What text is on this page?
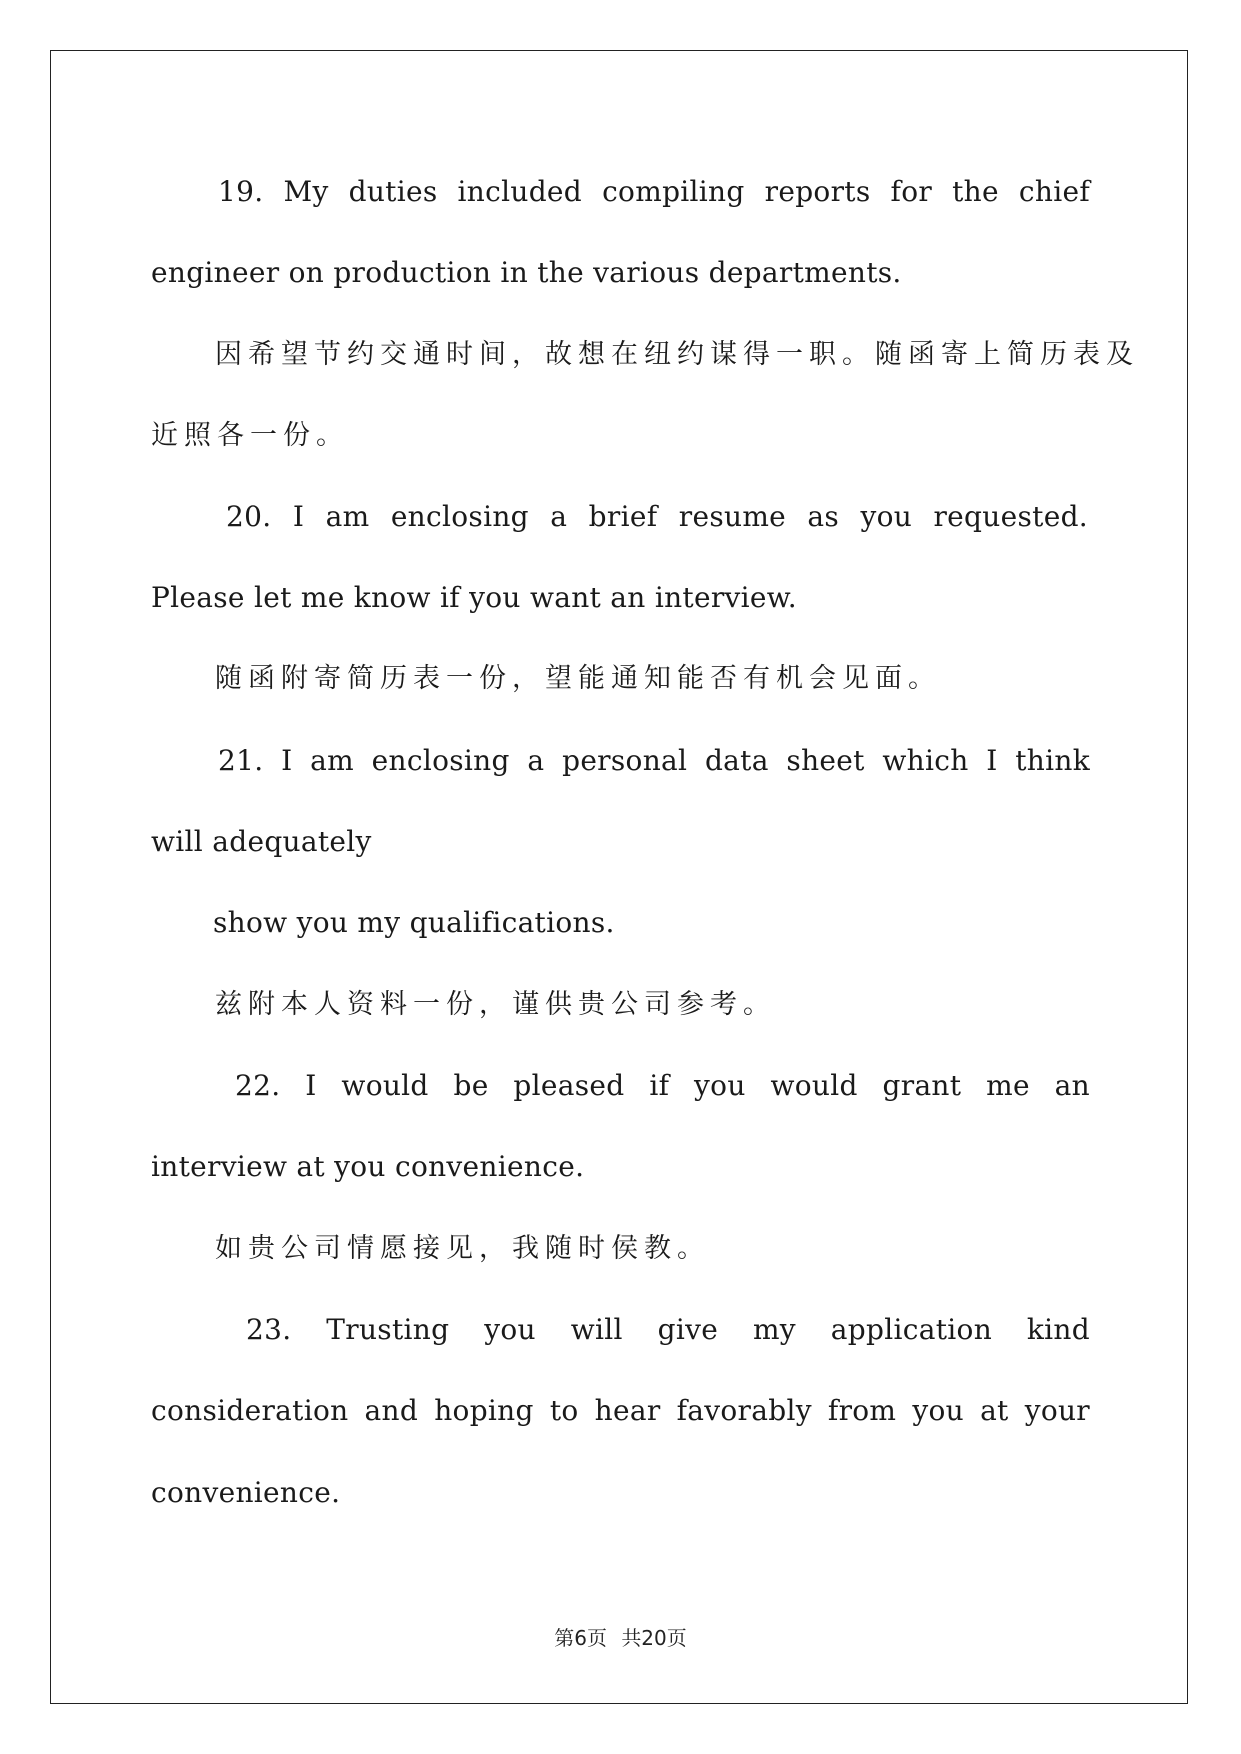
19. My duties included compiling reports for the chief
engineer on production in the various departments.
因希望节约交通时间，故想在纽约谋得一职。随函寄上简历表及
近照各一份。
20. I am enclosing a brief resume as you requested.
Please let me know if you want an interview.
随函附寄简历表一份，望能通知能否有机会见面。
21. I am enclosing a personal data sheet which I think
will adequately
show you my qualifications.
兹附本人资料一份，谨供贵公司参考。
22. I would be pleased if you would grant me an
interview at you convenience.
如贵公司情愿接见，我随时侯教。
23. Trusting you will give my application kind
consideration and hoping to hear favorably from you at your
convenience.
第6页 共20页
